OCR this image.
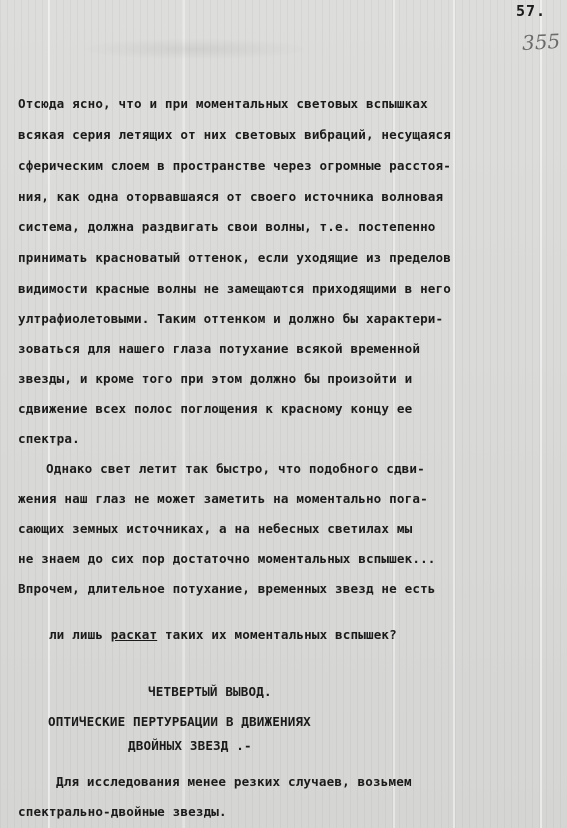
57.
355
Отсюда ясно, что и при моментальных световых вспышках
всякая серия летящих от них световых вибраций, несущаяся
сферическим слоем в пространстве через огромные расстоя-
ния, как одна оторвавшаяся от своего источника волновая
система, должна раздвигать свои волны, т.е. постепенно
принимать красноватый оттенок, если уходящие из пределов
видимости красные волны не замещаются приходящими в него
ултрафиолетовыми. Таким оттенком и должно бы характери-
зоваться для нашего глаза потухание всякой временной
звезды, и кроме того при этом должно бы произойти и
сдвижение всех полос поглощения к красному концу ее
спектра.
Однако свет летит так быстро, что подобного сдви-
жения наш глаз не может заметить на моментально пога-
сающих земных источниках, а на небесных светилах мы
не знаем до сих пор достаточно моментальных вспышек...
Впрочем, длительное потухание, временных звезд не есть

ли лишь раскат таких их моментальных вспышек?

ЧЕТВЕРТЫЙ ВЫВОД.
ОПТИЧЕСКИЕ ПЕРТУРБАЦИИ В ДВИЖЕНИЯХ
ДВОЙНЫХ ЗВЕЗД .-
Для исследования менее резких случаев, возьмем
спектрально-двойные звезды.
